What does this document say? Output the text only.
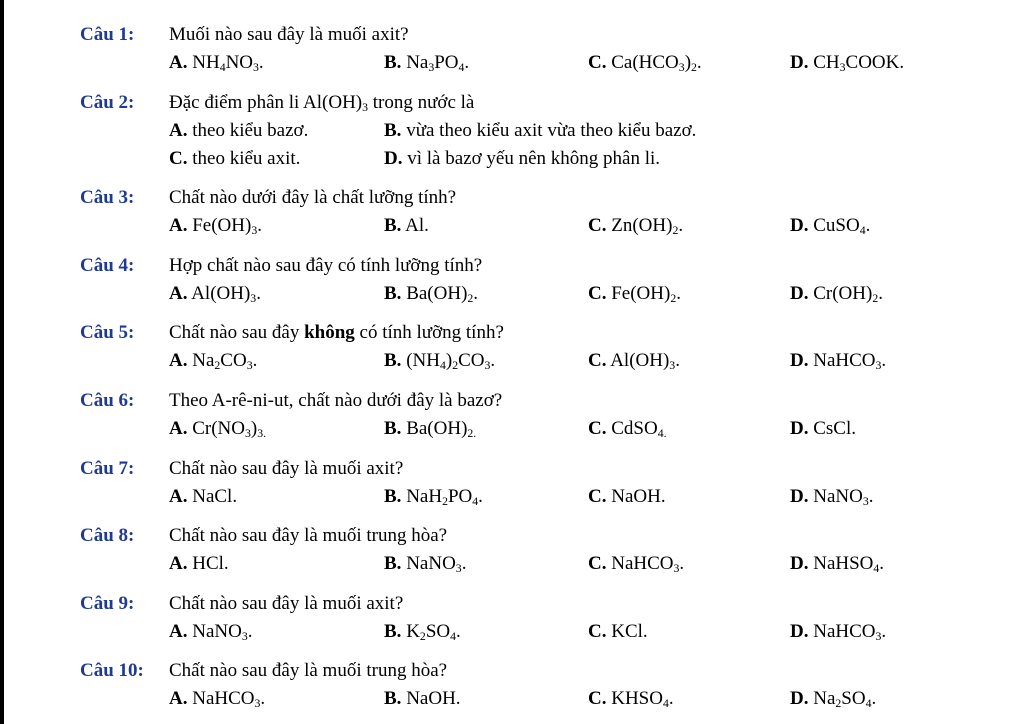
Câu 1: Muối nào sau đây là muối axit?
A. $NH_4NO_3$.	B. $Na_3PO_4$.	C. $Ca(HCO_3)_2$.	D. $CH_3COOK$.
Câu 2: Đặc điểm phân li $Al(OH)_3$ trong nước là
A. theo kiểu bazơ.	B. vừa theo kiểu axit vừa theo kiểu bazơ.
C. theo kiểu axit.	D. vì là bazơ yếu nên không phân li.
Câu 3: Chất nào dưới đây là chất lưỡng tính?
A. $Fe(OH)_3$.	B. Al.	C. $Zn(OH)_2$.	D. CuSO$_4$.
Câu 4: Hợp chất nào sau đây có tính lưỡng tính?
A. $Al(OH)_3$.	B. $Ba(OH)_2$.	C. $Fe(OH)_2$.	D. $Cr(OH)_2$.
Câu 5: Chất nào sau đây không có tính lưỡng tính?
A. $Na_2CO_3$.	B. $(NH_4)_2CO_3$.	C. $Al(OH)_3$.	D. NaHCO$_3$.
Câu 6: Theo A-rê-ni-ut, chất nào dưới đây là bazơ?
A. $Cr(NO_3)_{3.}$	B. $Ba(OH)_{2.}$	C. CdSO$_{4.}$	D. CsCl.
Câu 7: Chất nào sau đây là muối axit?
A. NaCl.	B. $NaH_2PO_4$.	C. NaOH.	D. NaNO$_3$.
Câu 8: Chất nào sau đây là muối trung hòa?
A. HCl.	B. NaNO$_3$.	C. NaHCO$_3$.	D. NaHSO$_4$.
Câu 9: Chất nào sau đây là muối axit?
A. NaNO$_3$.	B. $K_2SO_4$.	C. KCl.	D. NaHCO$_3$.
Câu 10: Chất nào sau đây là muối trung hòa?
A. NaHCO$_3$.	B. NaOH.	C. $KHSO_4$.	D. $Na_2SO_4$.
